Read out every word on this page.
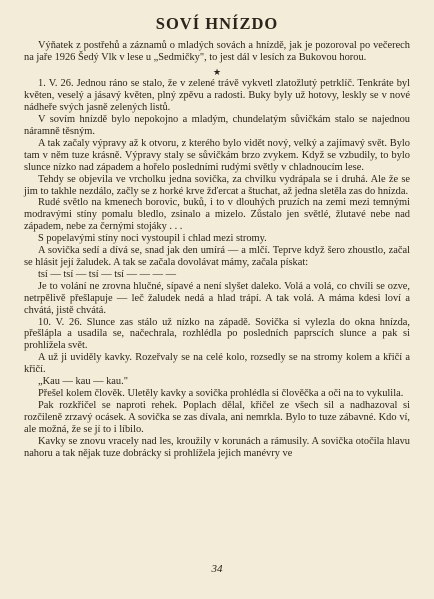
SOVÍ HNÍZDO

Výňatek z postřehů a záznamů o mladých sovách a hnízdě, jak je pozoroval po večerech na jaře 1926 Šedý Vlk v lese u „Sedmičky", to jest dál v lesích za Bukovou horou.

★

1. V. 26. Jednou ráno se stalo, že v zelené trávě vykvetl zlatožlutý petrklíč. Tenkráte byl květen, veselý a jásavý květen, plný zpěvu a radosti. Buky byly už hotovy, leskly se v nové nádheře svých jasně zelených listů.

V sovím hnízdě bylo nepokojno a mladým, chundelatým sůvičkám stalo se najednou náramně těsným.

A tak začaly výpravy až k otvoru, z kterého bylo vidět nový, velký a zajímavý svět. Bylo tam v něm tuze krásně. Výpravy staly se sůvičkám brzo zvykem. Když se vzbudily, to bylo slunce nízko nad západem a hořelo posledními rudými světly v chladnoucím lese.

Tehdy se objevila ve vrcholku jedna sovička, za chvilku vydrápala se i druhá. Ale že se jim to takhle nezdálo, začly se z horké krve žďercat a štuchat, až jedna sletěla zas do hnízda.

Rudé světlo na kmenech borovic, buků, i to v dlouhých pruzích na zemi mezi temnými modravými stíny pomalu bledlo, zsinalo a mizelo. Zůstalo jen světlé, žlutavé nebe nad západem, nebe za černými stojáky . . .

S popelavými stíny noci vystoupil i chlad mezi stromy.

A sovička sedí a dívá se, snad jak den umírá — a mlčí. Teprve když šero zhoustlo, začal se hlásit její žaludek. A tak se začala dovolávat mámy, začala pískat:

tsí — tsí — tsí — tsí — — — —

Je to volání ne zrovna hlučné, sípavé a není slyšet daleko. Volá a volá, co chvíli se ozve, netrpělivě přešlapuje — leč žaludek nedá a hlad trápí. A tak volá. A máma kdesi loví a chvátá, jistě chvátá.

10. V. 26. Slunce zas stálo už nízko na západě. Sovička si vylezla do okna hnízda, přešlápla a usadila se, načechrala, rozhlédla po posledních paprscích slunce a pak si prohlížela svět.

A už ji uviděly kavky. Rozeřvaly se na celé kolo, rozsedly se na stromy kolem a křičí a křičí.

„Kau — kau — kau."

Přešel kolem člověk. Uletěly kavky a sovička prohlédla si člověčka a oči na to vykulila.

Pak rozkřičel se naproti rehek. Poplach dělal, křičel ze všech sil a nadhazoval si rozčileně zrzavý ocásek. A sovička se zas dívala, ani nemrkla. Bylo to tuze zábavné. Kdo ví, ale možná, že se jí to i líbilo.

Kavky se znovu vracely nad les, kroužily v korunách a rámusily. A sovička otočila hlavu nahoru a tak nějak tuze dobrácky si prohlížela jejich manévry ve

34
